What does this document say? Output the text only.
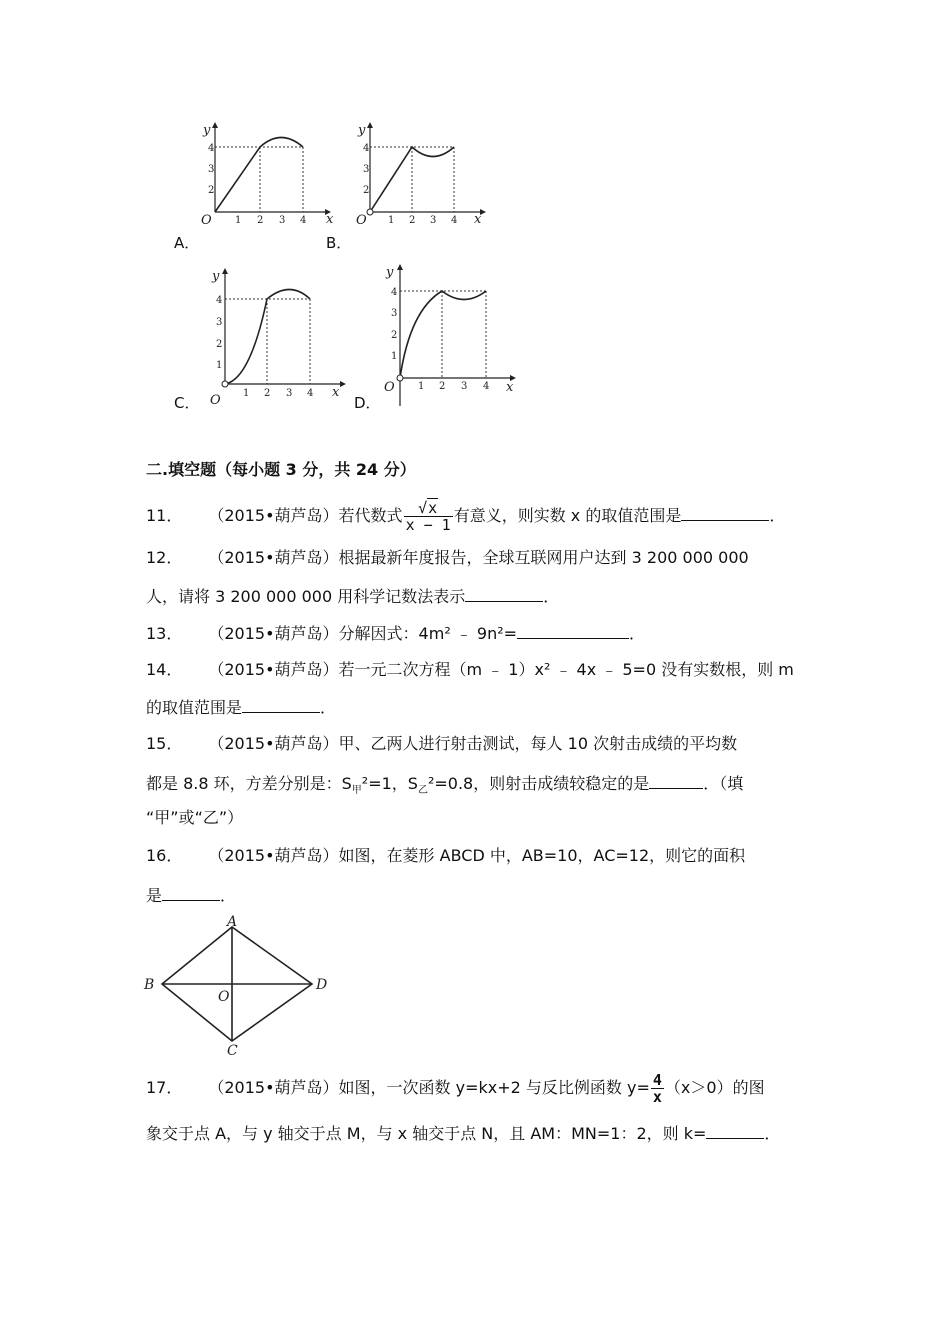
y
x
O
4
3
2
1 2 3 4
A．
y
x
O
4
3
2
1 2 3 4
B．
y
x
O
4
3
2
1
1 2 3 4
C．
y
x
O
4
3
2
1
1 2 3 4
D．
二.填空题（每小题 3 分，共 24 分）
11． （2015•葫芦岛）若代数式 $\frac{√x}{x - 1}$ 有意义，则实数 x 的取值范围是	．
12． （2015•葫芦岛）根据最新年度报告，全球互联网用户达到 3 200 000 000
人，请将 3 200 000 000 用科学记数法表示	．
13． （2015•葫芦岛）分解因式：4m² ﹣ 9n²=	．
14． （2015•葫芦岛）若一元二次方程（m ﹣ 1）x² ﹣ 4x ﹣ 5=0 没有实数根，则 m
的取值范围是	．
15． （2015•葫芦岛）甲、乙两人进行射击测试，每人 10 次射击成绩的平均数
都是 8.8 环，方差分别是：$S_甲^2=1$，$S_乙^2=0.8$，则射击成绩较稳定的是	．（填
“甲”或“乙”）
16． （2015•葫芦岛）如图，在菱形 ABCD 中，AB=10，AC=12，则它的面积
是	．
A
B
C
D
O
17． （2015•葫芦岛）如图，一次函数 y=kx+2 与反比例函数 $y= \frac{4}{x} (x>0)$的图
象交于点 A，与 y 轴交于点 M，与 x 轴交于点 N，且 AM：MN=1：2，则 k=	．
